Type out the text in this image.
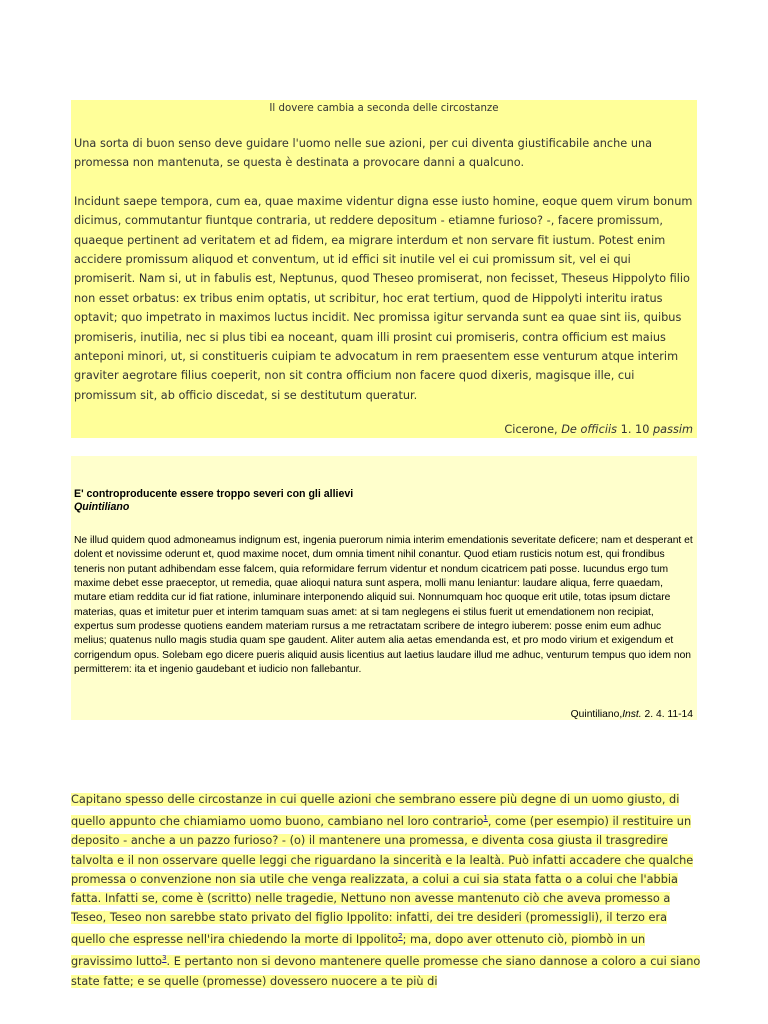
Il dovere cambia a seconda delle circostanze
Una sorta di buon senso deve guidare l'uomo nelle sue azioni, per cui diventa giustificabile anche una promessa non mantenuta, se questa è destinata a provocare danni a qualcuno.
Incidunt saepe tempora, cum ea, quae maxime videntur digna esse iusto homine, eoque quem virum bonum dicimus, commutantur fiuntque contraria, ut reddere depositum - etiamne furioso? -, facere promissum, quaeque pertinent ad veritatem et ad fidem, ea migrare interdum et non servare fit iustum. Potest enim accidere promissum aliquod et conventum, ut id effici sit inutile vel ei cui promissum sit, vel ei qui promiserit. Nam si, ut in fabulis est, Neptunus, quod Theseo promiserat, non fecisset, Theseus Hippolyto filio non esset orbatus: ex tribus enim optatis, ut scribitur, hoc erat tertium, quod de Hippolyti interitu iratus optavit; quo impetrato in maximos luctus incidit. Nec promissa igitur servanda sunt ea quae sint iis, quibus promiseris, inutilia, nec si plus tibi ea noceant, quam illi prosint cui promiseris, contra officium est maius anteponi minori, ut, si constitueris cuipiam te advocatum in rem praesentem esse venturum atque interim graviter aegrotare filius coeperit, non sit contra officium non facere quod dixeris, magisque ille, cui promissum sit, ab officio discedat, si se destitutum queratur.
Cicerone, De officiis 1. 10 passim
E' controproducente essere troppo severi con gli allievi
Quintiliano
Ne illud quidem quod admoneamus indignum est, ingenia puerorum nimia interim emendationis severitate deficere; nam et desperant et dolent et novissime oderunt et, quod maxime nocet, dum omnia timent nihil conantur. Quod etiam rusticis notum est, qui frondibus teneris non putant adhibendam esse falcem, quia reformidare ferrum videntur et nondum cicatricem pati posse. Iucundus ergo tum maxime debet esse praeceptor, ut remedia, quae alioqui natura sunt aspera, molli manu leniantur: laudare aliqua, ferre quaedam, mutare etiam reddita cur id fiat ratione, inluminare interponendo aliquid sui. Nonnumquam hoc quoque erit utile, totas ipsum dictare materias, quas et imitetur puer et interim tamquam suas amet: at si tam neglegens ei stilus fuerit ut emendationem non recipiat, expertus sum prodesse quotiens eandem materiam rursus a me retractatam scribere de integro iuberem: posse enim eum adhuc melius; quatenus nullo magis studia quam spe gaudent. Aliter autem alia aetas emendanda est, et pro modo virium et exigendum et corrigendum opus. Solebam ego dicere pueris aliquid ausis licentius aut laetius laudare illud me adhuc, venturum tempus quo idem non permitterem: ita et ingenio gaudebant et iudicio non fallebantur.
Quintiliano,Inst. 2. 4. 11-14
Capitano spesso delle circostanze in cui quelle azioni che sembrano essere più degne di un uomo giusto, di quello appunto che chiamiamo uomo buono, cambiano nel loro contrario$^1$, come (per esempio) il restituire un deposito - anche a un pazzo furioso? - (o) il mantenere una promessa, e diventa cosa giusta il trasgredire talvolta e il non osservare quelle leggi che riguardano la sincerità e la lealtà. Può infatti accadere che qualche promessa o convenzione non sia utile che venga realizzata, a colui a cui sia stata fatta o a colui che l'abbia fatta. Infatti se, come è (scritto) nelle tragedie, Nettuno non avesse mantenuto ciò che aveva promesso a Teseo, Teseo non sarebbe stato privato del figlio Ippolito: infatti, dei tre desideri (promessigli), il terzo era quello che espresse nell'ira chiedendo la morte di Ippolito$^2$; ma, dopo aver ottenuto ciò, piombò in un gravissimo lutto$^3$. E pertanto non si devono mantenere quelle promesse che siano dannose a coloro a cui siano state fatte; e se quelle (promesse) dovessero nuocere a te più di
